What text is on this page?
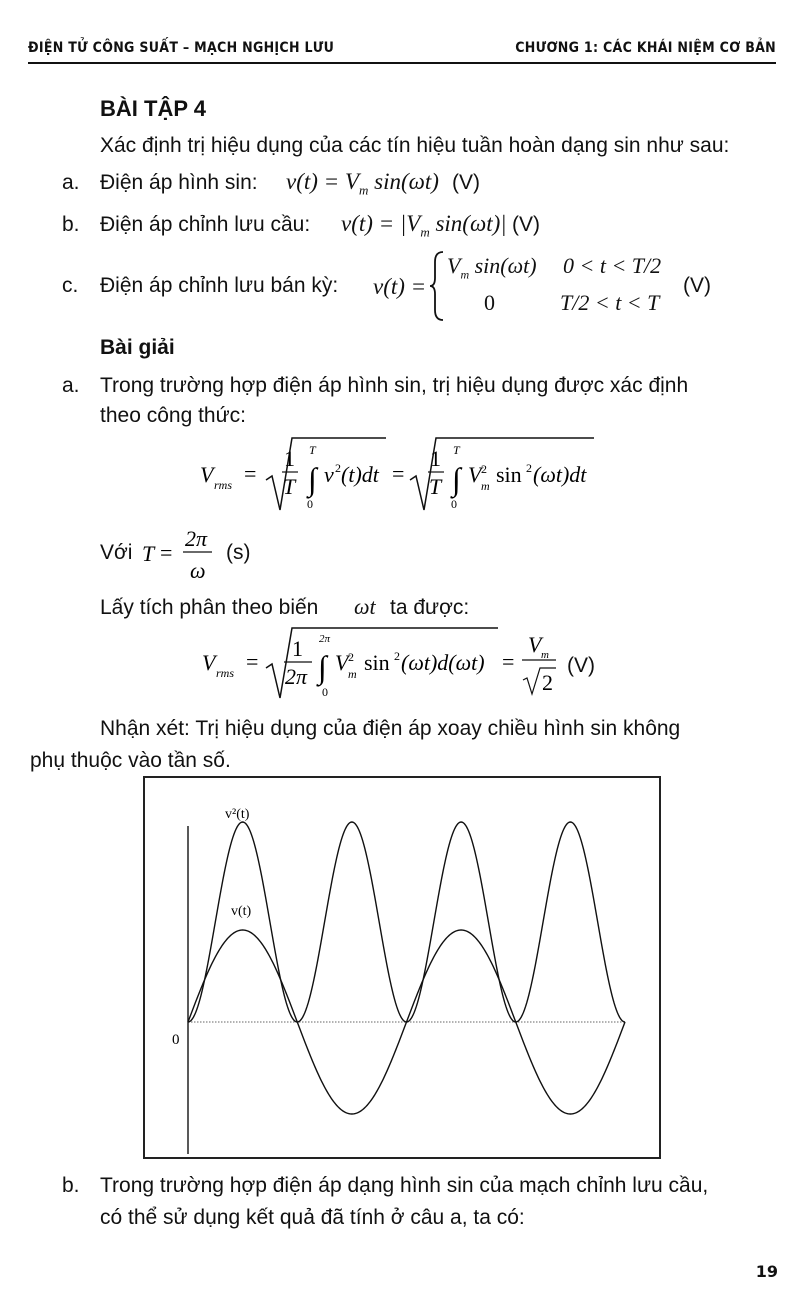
ĐIỆN TỬ CÔNG SUẤT – MẠCH NGHỊCH LƯU	CHƯƠNG 1: CÁC KHÁI NIỆM CƠ BẢN
BÀI TẬP 4
Xác định trị hiệu dụng của các tín hiệu tuần hoàn dạng sin như sau:
a. Điện áp hình sin: $v(t) = V_m$ sin(ωt) (V)
b. Điện áp chỉnh lưu cầu: $v(t) = |V_m$ sin(ωt)| (V)
c. Điện áp chỉnh lưu bán kỳ: v(t) =
$V_m$ sin(ωt) 0 < t < T/2
0	T/2 < t < T
(V)
Bài giải
a. Trong trường hợp điện áp hình sin, trị hiệu dụng được xác định
theo công thức:
V rms =
1
T ∫
T
0
v 2 (t)dt =
1
T ∫
T
0
V 2
m sin 2 (ωt)dt
Với T =
2π
ω
(s)
Lấy tích phân theo biến ωt ta được:
V rms =
1
2π ∫
2π
0
V 2
m sin 2 (ωt)d(ωt) =
V m
2
(V)
Nhận xét: Trị hiệu dụng của điện áp xoay chiều hình sin không
phụ thuộc vào tần số.
0
v²(t)
v(t)
b. Trong trường hợp điện áp dạng hình sin của mạch chỉnh lưu cầu,
có thể sử dụng kết quả đã tính ở câu a, ta có:
19
